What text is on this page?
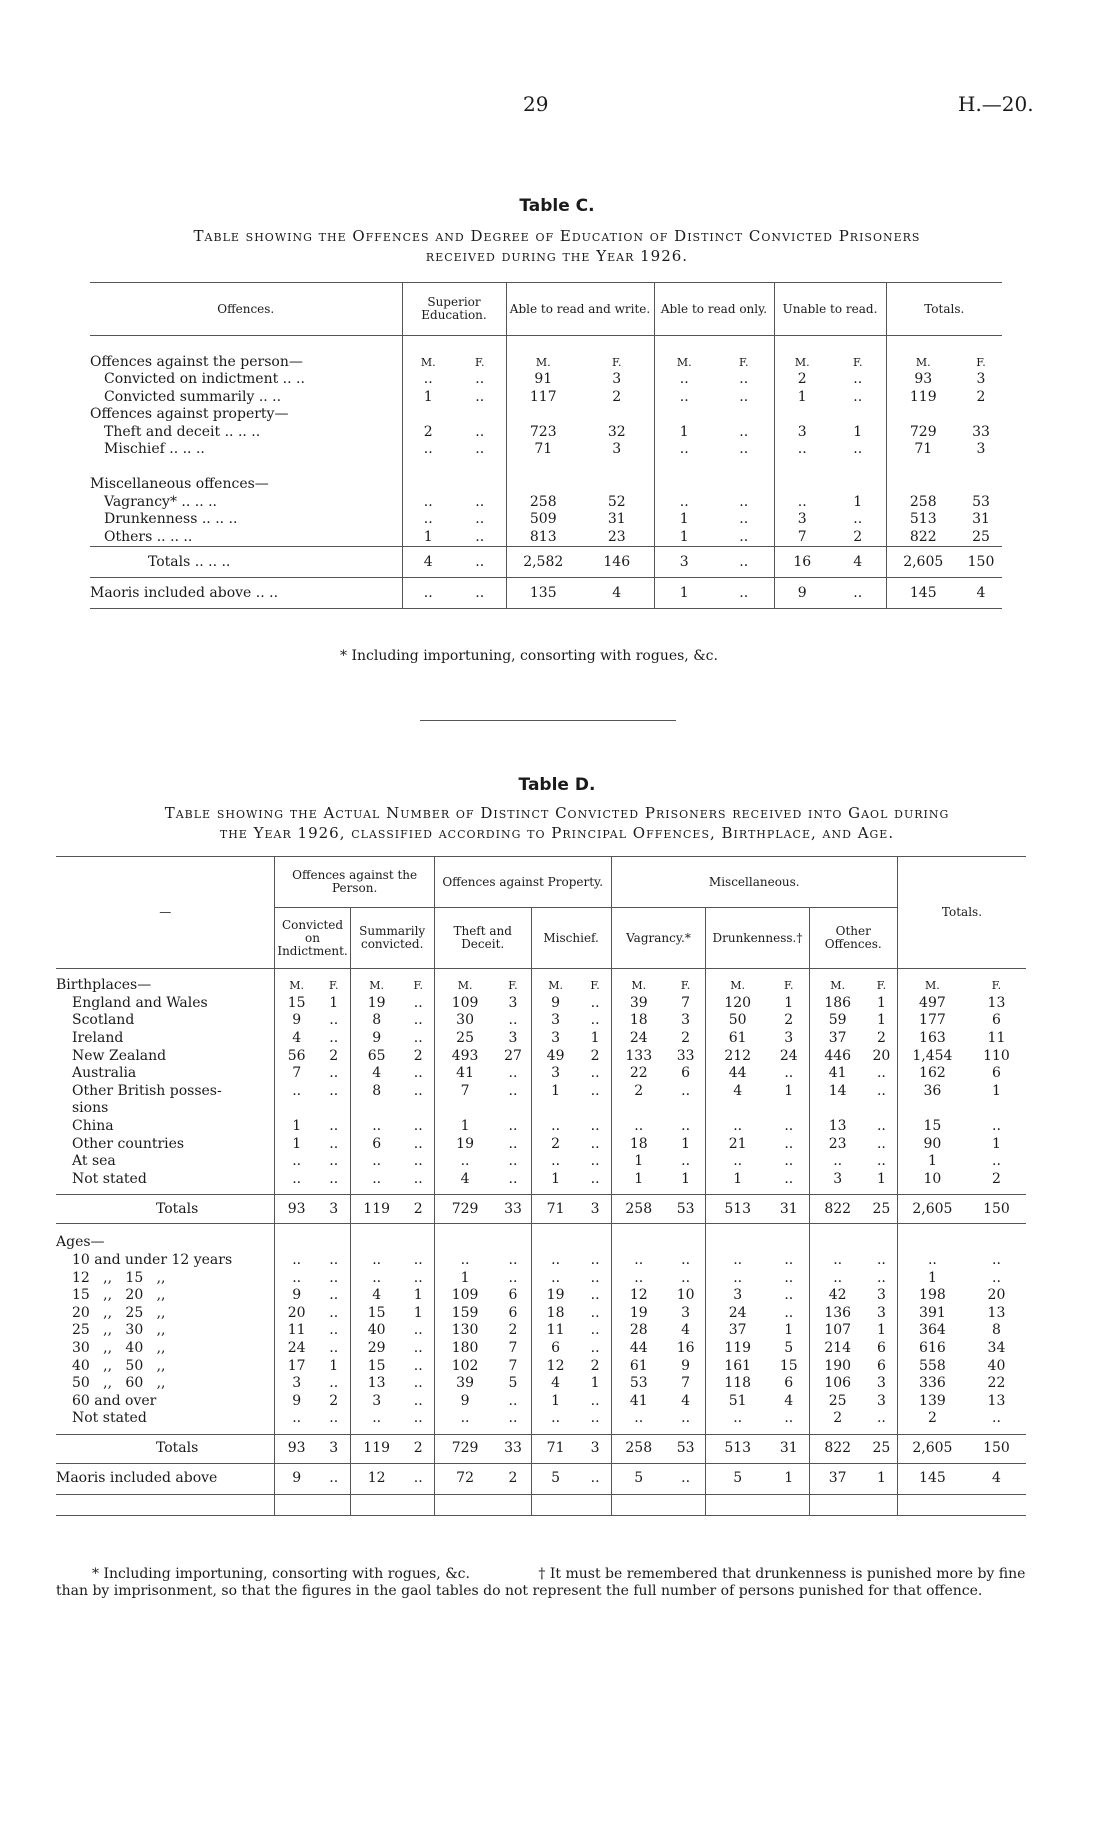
29	H.—20.
Table C.
Table showing the Offences and Degree of Education of Distinct Convicted Prisoners
received during the Year 1926.
Offences.	Superior Education.		Able to read and write.		Able to read only.		Unable to read.		Totals.	

Offences against the person—	M.	F.	M.	F.	M.	F.	M.	F.	M.	F.
Convicted on indictment .. ..	..	..	91	3	..	..	2	..	93	3
Convicted summarily .. ..	1	..	117	2	..	..	1	..	119	2
Offences against property—										
Theft and deceit .. .. ..	2	..	723	32	1	..	3	1	729	33
Mischief .. .. ..	..	..	71	3	..	..	..	..	71	3

Miscellaneous offences—										
Vagrancy* .. .. ..	..	..	258	52	..	..	..	1	258	53
Drunkenness .. .. ..	..	..	509	31	1	..	3	..	513	31
Others .. .. ..	1	..	813	23	1	..	7	2	822	25
Totals .. .. ..	4	..	2,582	146	3	..	16	4	2,605	150
Maoris included above .. ..	..	..	135	4	1	..	9	..	145	4
* Including importuning, consorting with rogues, &c.
Table D.
Table showing the Actual Number of Distinct Convicted Prisoners received into Gaol during
the Year 1926, classified according to Principal Offences, Birthplace, and Age.
—	Offences against the Person.				Offences against Property.				Miscellaneous.						Totals.	
	Convicted on Indictment.		Summarily convicted.		Theft and Deceit.		Mischief.		Vagrancy.*		Drunkenness.†		Other Offences.			

Birthplaces—	M.	F.	M.	F.	M.	F.	M.	F.	M.	F.	M.	F.	M.	F.	M.	F.
England and Wales	15	1	19	..	109	3	9	..	39	7	120	1	186	1	497	13
Scotland	9	..	8	..	30	..	3	..	18	3	50	2	59	1	177	6
Ireland	4	..	9	..	25	3	3	1	24	2	61	3	37	2	163	11
New Zealand	56	2	65	2	493	27	49	2	133	33	212	24	446	20	1,454	110
Australia	7	..	4	..	41	..	3	..	22	6	44	..	41	..	162	6
Other British posses-	..	..	8	..	7	..	1	..	2	..	4	1	14	..	36	1
sions																
China	1	..	..	..	1	..	..	..	..	..	..	..	13	..	15	..
Other countries	1	..	6	..	19	..	2	..	18	1	21	..	23	..	90	1
At sea	..	..	..	..	..	..	..	..	1	..	..	..	..	..	1	..
Not stated	..	..	..	..	4	..	1	..	1	1	1	..	3	1	10	2

Totals	93	3	119	2	729	33	71	3	258	53	513	31	822	25	2,605	150

Ages—																
10 and under 12 years	..	..	..	..	..	..	..	..	..	..	..	..	..	..	..	..
12   ,,   15   ,,	..	..	..	..	1	..	..	..	..	..	..	..	..	..	1	..
15   ,,   20   ,,	9	..	4	1	109	6	19	..	12	10	3	..	42	3	198	20
20   ,,   25   ,,	20	..	15	1	159	6	18	..	19	3	24	..	136	3	391	13
25   ,,   30   ,,	11	..	40	..	130	2	11	..	28	4	37	1	107	1	364	8
30   ,,   40   ,,	24	..	29	..	180	7	6	..	44	16	119	5	214	6	616	34
40   ,,   50   ,,	17	1	15	..	102	7	12	2	61	9	161	15	190	6	558	40
50   ,,   60   ,,	3	..	13	..	39	5	4	1	53	7	118	6	106	3	336	22
60 and over	9	2	3	..	9	..	1	..	41	4	51	4	25	3	139	13
Not stated	..	..	..	..	..	..	..	..	..	..	..	..	2	..	2	..

Totals	93	3	119	2	729	33	71	3	258	53	513	31	822	25	2,605	150
Maoris included above	9	..	12	..	72	2	5	..	5	..	5	1	37	1	145	4

* Including importuning, consorting with rogues, &c.	† It must be remembered that drunkenness is punished more by fine than by imprisonment, so that the figures in the gaol tables do not represent the full number of persons punished for that offence.
